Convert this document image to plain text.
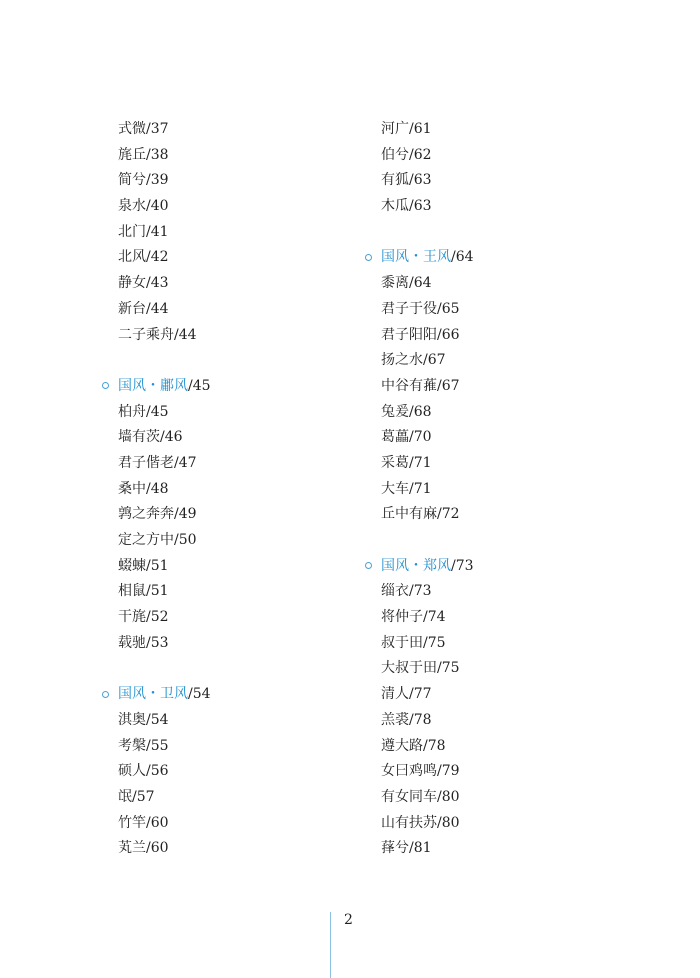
式微/37
旄丘/38
简兮/39
泉水/40
北门/41
北风/42
静女/43
新台/44
二子乘舟/44
国风・鄘风/45
柏舟/45
墙有茨/46
君子偕老/47
桑中/48
鹑之奔奔/49
定之方中/50
蝃蝀/51
相鼠/51
干旄/52
载驰/53
国风・卫风/54
淇奥/54
考槃/55
硕人/56
氓/57
竹竿/60
芄兰/60
河广/61
伯兮/62
有狐/63
木瓜/63
国风・王风/64
黍离/64
君子于役/65
君子阳阳/66
扬之水/67
中谷有蓷/67
兔爰/68
葛藟/70
采葛/71
大车/71
丘中有麻/72
国风・郑风/73
缁衣/73
将仲子/74
叔于田/75
大叔于田/75
清人/77
羔裘/78
遵大路/78
女曰鸡鸣/79
有女同车/80
山有扶苏/80
萚兮/81
2
